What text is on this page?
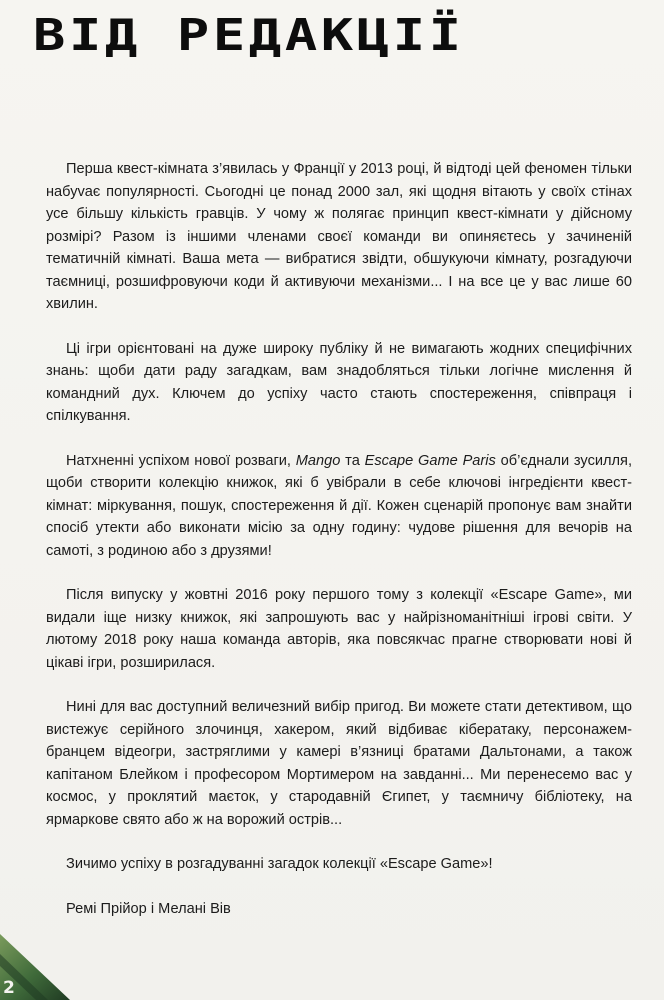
ВІД РЕДАКЦІЇ

Перша квест-кімната з’явилась у Франції у 2013 році, й відтоді цей феномен тільки набуvає популярності. Сьогодні це понад 2000 зал, які щодня вітають у своїх стінах усе більшу кількість гравців. У чому ж полягає принцип квест-кімнати у дійсному розмірі? Разом із іншими членами своєї команди ви опиняєтесь у зачиненій тематичній кімнаті. Ваша мета — вибратися звідти, обшукуючи кімнату, розгадуючи таємниці, розшифровуючи коди й активуючи механізми... І на все це у вас лише 60 хвилин.

Ці ігри орієнтовані на дуже широку публіку й не вимагають жодних специфічних знань: щоби дати раду загадкам, вам знадобляться тільки логічне мислення й командний дух. Ключем до успіху часто стають спостереження, співпраця і спілкування.

Натхненні успіхом нової розваги, Mango та Escape Game Paris об’єднали зусилля, щоби створити колекцію книжок, які б увібрали в себе ключові інгредієнти квест-кімнат: міркування, пошук, спостереження й дії. Кожен сценарій пропонує вам знайти спосіб утекти або виконати місію за одну годину: чудове рішення для вечорів на самоті, з родиною або з друзями!

Після випуску у жовтні 2016 року першого тому з колекції «Escape Game», ми видали іще низку книжок, які запрошують вас у найрізноманітніші ігрові світи. У лютому 2018 року наша команда авторів, яка повсякчас прагне створювати нові й цікаві ігри, розширилася.

Нині для вас доступний величезний вибір пригод. Ви можете стати детективом, що вистежує серійного злочинця, хакером, який відбиває кібератаку, персонажем-бранцем відеогри, застряглими у камері в’язниці братами Дальтонами, а також капітаном Блейком і професором Мортимером на завданні... Ми перенесемо вас у космос, у проклятий маєток, у стародавній Єгипет, у таємничу бібліотеку, на ярмаркове свято або ж на ворожий острів...

Зичимо успіху в розгадуванні загадок колекції «Escape Game»!

Ремі Прійор і Мелані Вів

2
